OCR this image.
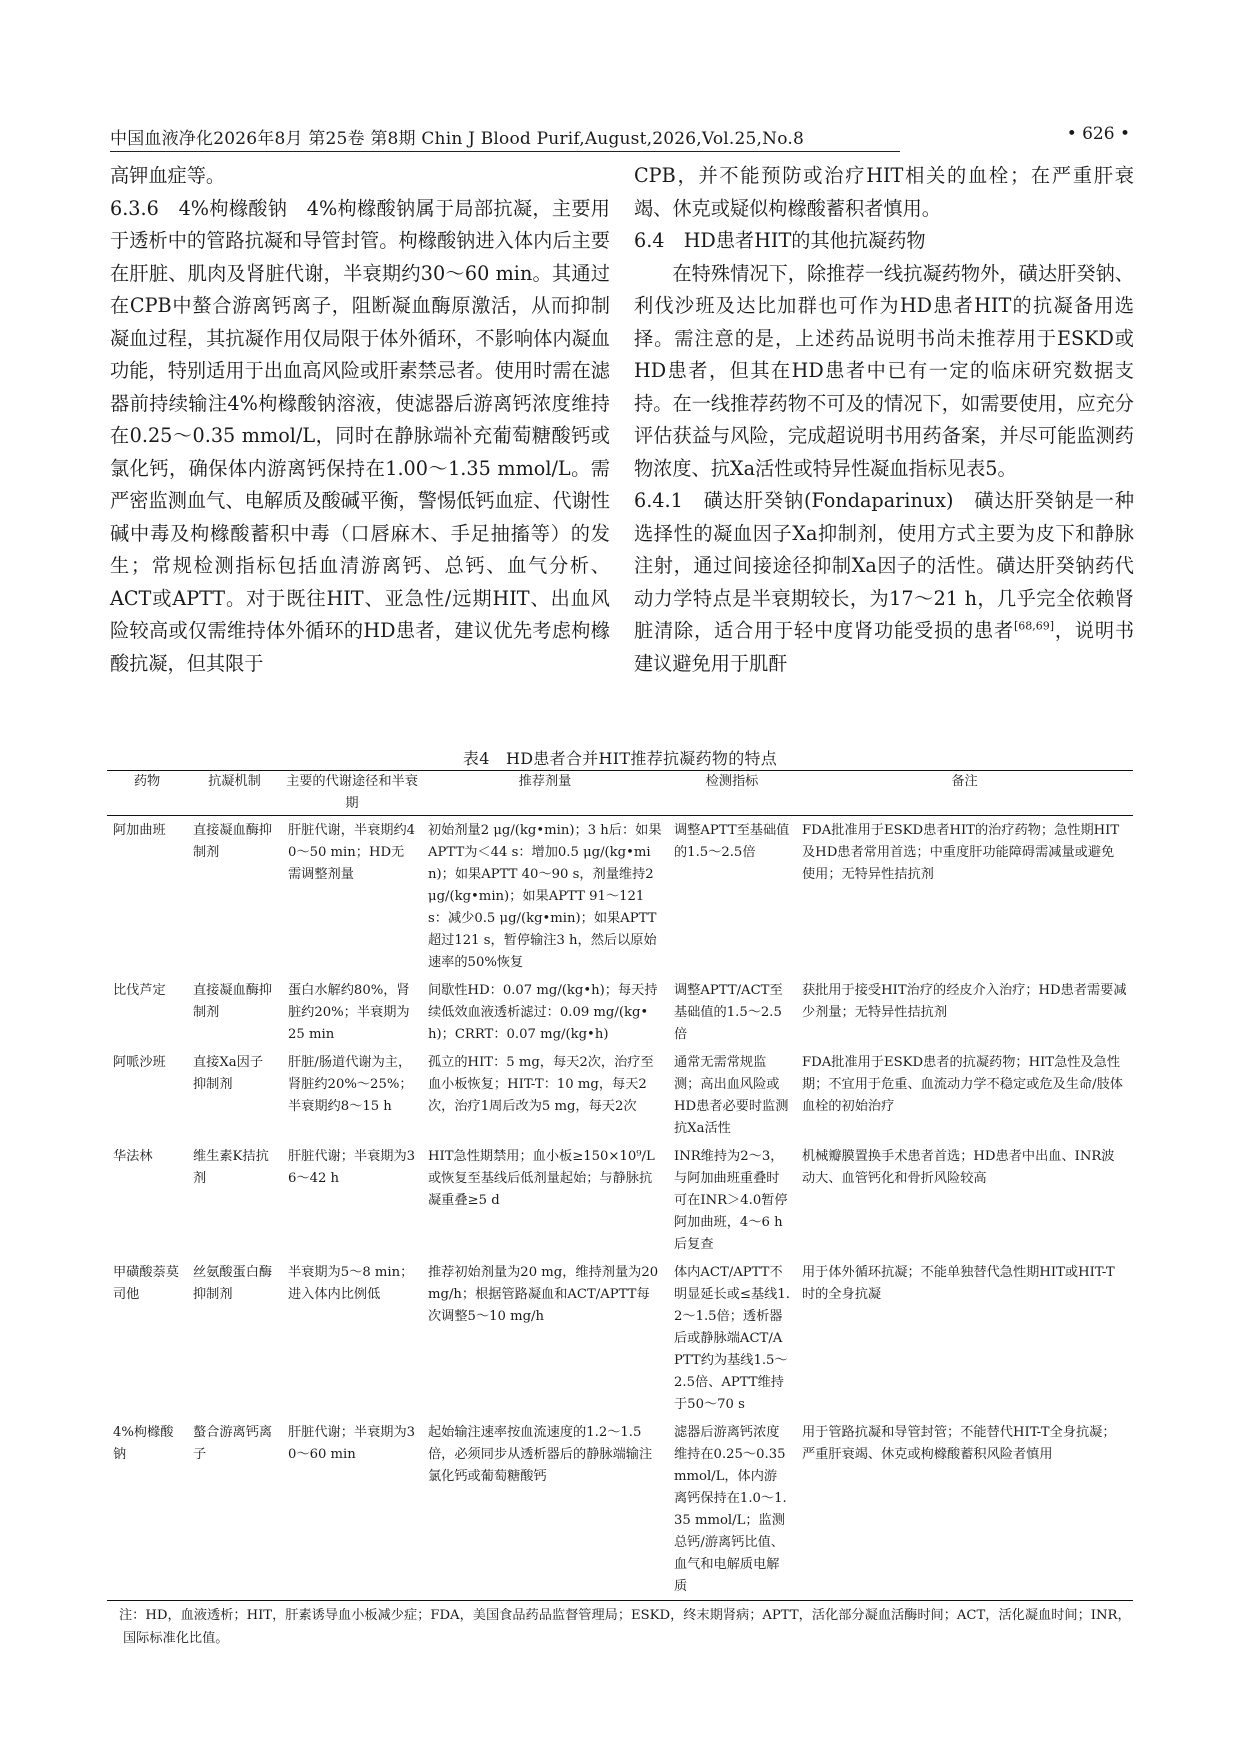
中国血液净化2026年8月 第25卷 第8期 Chin J Blood Purif,August,2026,Vol.25,No.8	• 626 •

高钾血症等。

6.3.6　4%枸橼酸钠　4%枸橼酸钠属于局部抗凝，主要用于透析中的管路抗凝和导管封管。枸橼酸钠进入体内后主要在肝脏、肌肉及肾脏代谢，半衰期约30～60 min。其通过在CPB中螯合游离钙离子，阻断凝血酶原激活，从而抑制凝血过程，其抗凝作用仅局限于体外循环，不影响体内凝血功能，特别适用于出血高风险或肝素禁忌者。使用时需在滤器前持续输注4%枸橼酸钠溶液，使滤器后游离钙浓度维持在0.25～0.35 mmol/L，同时在静脉端补充葡萄糖酸钙或氯化钙，确保体内游离钙保持在1.00～1.35 mmol/L。需严密监测血气、电解质及酸碱平衡，警惕低钙血症、代谢性碱中毒及枸橼酸蓄积中毒（口唇麻木、手足抽搐等）的发生；常规检测指标包括血清游离钙、总钙、血气分析、ACT或APTT。对于既往HIT、亚急性/远期HIT、出血风险较高或仅需维持体外循环的HD患者，建议优先考虑枸橼酸抗凝，但其限于

CPB，并不能预防或治疗HIT相关的血栓；在严重肝衰竭、休克或疑似枸橼酸蓄积者慎用。

6.4　HD患者HIT的其他抗凝药物

在特殊情况下，除推荐一线抗凝药物外，磺达肝癸钠、利伐沙班及达比加群也可作为HD患者HIT的抗凝备用选择。需注意的是，上述药品说明书尚未推荐用于ESKD或HD患者，但其在HD患者中已有一定的临床研究数据支持。在一线推荐药物不可及的情况下，如需要使用，应充分评估获益与风险，完成超说明书用药备案，并尽可能监测药物浓度、抗Xa活性或特异性凝血指标见表5。

6.4.1　磺达肝癸钠(Fondaparinux)　磺达肝癸钠是一种选择性的凝血因子Xa抑制剂，使用方式主要为皮下和静脉注射，通过间接途径抑制Xa因子的活性。磺达肝癸钠药代动力学特点是半衰期较长，为17～21 h，几乎完全依赖肾脏清除，适合用于轻中度肾功能受损的患者[68,69]，说明书建议避免用于肌酐

表4　HD患者合并HIT推荐抗凝药物的特点
药物	抗凝机制	主要的代谢途径和半衰期	推荐剂量	检测指标	备注
阿加曲班	直接凝血酶抑制剂	肝脏代谢，半衰期约40～50 min；HD无需调整剂量	初始剂量2 μg/(kg•min)；3 h后：如果APTT为＜44 s：增加0.5 μg/(kg•min)；如果APTT 40～90 s，剂量维持2 μg/(kg•min)；如果APTT 91～121 s：减少0.5 μg/(kg•min)；如果APTT超过121 s，暂停输注3 h，然后以原始速率的50%恢复	调整APTT至基础值的1.5～2.5倍	FDA批准用于ESKD患者HIT的治疗药物；急性期HIT及HD患者常用首选；中重度肝功能障碍需减量或避免使用；无特异性拮抗剂
比伐芦定	直接凝血酶抑制剂	蛋白水解约80%，肾脏约20%；半衰期为25 min	间歇性HD：0.07 mg/(kg•h)；每天持续低效血液透析滤过：0.09 mg/(kg•h)；CRRT：0.07 mg/(kg•h)	调整APTT/ACT至基础值的1.5～2.5倍	获批用于接受HIT治疗的经皮介入治疗；HD患者需要减少剂量；无特异性拮抗剂
阿哌沙班	直接Xa因子抑制剂	肝脏/肠道代谢为主，肾脏约20%～25%；半衰期约8～15 h	孤立的HIT：5 mg，每天2次，治疗至血小板恢复；HIT-T：10 mg，每天2次，治疗1周后改为5 mg，每天2次	通常无需常规监测；高出血风险或HD患者必要时监测抗Xa活性	FDA批准用于ESKD患者的抗凝药物；HIT急性及急性期；不宜用于危重、血流动力学不稳定或危及生命/肢体血栓的初始治疗
华法林	维生素K拮抗剂	肝脏代谢；半衰期为36～42 h	HIT急性期禁用；血小板≥150×10⁹/L或恢复至基线后低剂量起始；与静脉抗凝重叠≥5 d	INR维持为2～3，与阿加曲班重叠时可在INR＞4.0暂停阿加曲班，4～6 h后复查	机械瓣膜置换手术患者首选；HD患者中出血、INR波动大、血管钙化和骨折风险较高
甲磺酸萘莫司他	丝氨酸蛋白酶抑制剂	半衰期为5～8 min；进入体内比例低	推荐初始剂量为20 mg，维持剂量为20 mg/h；根据管路凝血和ACT/APTT每次调整5～10 mg/h	体内ACT/APTT不明显延长或≤基线1.2～1.5倍；透析器后或静脉端ACT/APTT约为基线1.5～2.5倍、APTT维持于50～70 s	用于体外循环抗凝；不能单独替代急性期HIT或HIT-T时的全身抗凝
4%枸橼酸钠	螯合游离钙离子	肝脏代谢；半衰期为30～60 min	起始输注速率按血流速度的1.2～1.5倍，必须同步从透析器后的静脉端输注氯化钙或葡萄糖酸钙	滤器后游离钙浓度维持在0.25～0.35 mmol/L，体内游离钙保持在1.0～1.35 mmol/L；监测总钙/游离钙比值、血气和电解质电解质	用于管路抗凝和导管封管；不能替代HIT-T全身抗凝；严重肝衰竭、休克或枸橼酸蓄积风险者慎用
注：HD，血液透析；HIT，肝素诱导血小板减少症；FDA，美国食品药品监督管理局；ESKD，终末期肾病；APTT，活化部分凝血活酶时间；ACT，活化凝血时间；INR，国际标准化比值。
